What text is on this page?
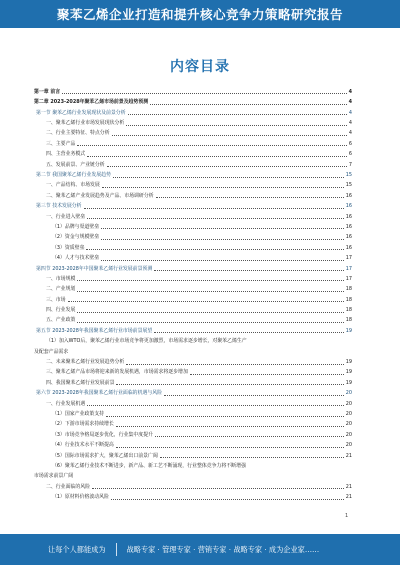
聚苯乙烯企业打造和提升核心竞争力策略研究报告
内容目录
第一章 前言	4
第二章 2023-2028年聚苯乙烯市场前景及趋势预测	4
第一节 聚苯乙烯行业发展现状及前景分析	4
一、聚苯乙烯行业市场发展现状分析	4
二、行业主要特征、特点分析	4
三、主要产品	6
四、主营业务模式	6
五、发展前景、产业链分析	7
第二节 我国聚苯乙烯行业发展趋势	15
一、产品结构、市场发展	15
二、聚苯乙烯产业发展趋势及产品、市场调研分析	16
第三节 技术发展分析	16
一、行业进入壁垒	16
（1）品牌与渠道壁垒	16
（2）资金与规模壁垒	16
（3）资质壁垒	16
（4）人才与技术壁垒	17
第四节 2023-2028年中国聚苯乙烯行业发展前景预测	17
一、市场规模	17
二、产业规划	18
三、市场	18
四、行业发展	18
五、产业政策	18
第五节 2023-2028年我国聚苯乙烯行业市场前景展望	19
（1）加入WTO后，聚苯乙烯行业市场竞争将更加激烈，市场需求逐步增长，对聚苯乙烯生产
及配套产品需求
二、未来聚苯乙烯行业发展趋势分析	19
三、聚苯乙烯产品市场将迎来新的发展机遇，市场需求将逐步增加	19
四、我国聚苯乙烯行业发展前景	19
第六节 2023-2028年我国聚苯乙烯行业面临的机遇与风险	20
一、行业发展机遇	20
（1）国家产业政策支持	20
（2）下游市场需求持续增长	20
（3）市场竞争格局逐步优化，行业集中度提升	20
（4）行业技术水平不断提高	20
（5）国际市场需求扩大，聚苯乙烯出口前景广阔	21
（6）聚苯乙烯行业技术不断进步，新产品、新工艺不断涌现，行业整体竞争力将不断增强
市场需求前景广阔
二、行业面临的风险	21
（1）原材料价格波动风险	21
1
让每个人都能成为	战略专家 · 管理专家 · 营销专家 · 战略专家 · 成为企业家……
